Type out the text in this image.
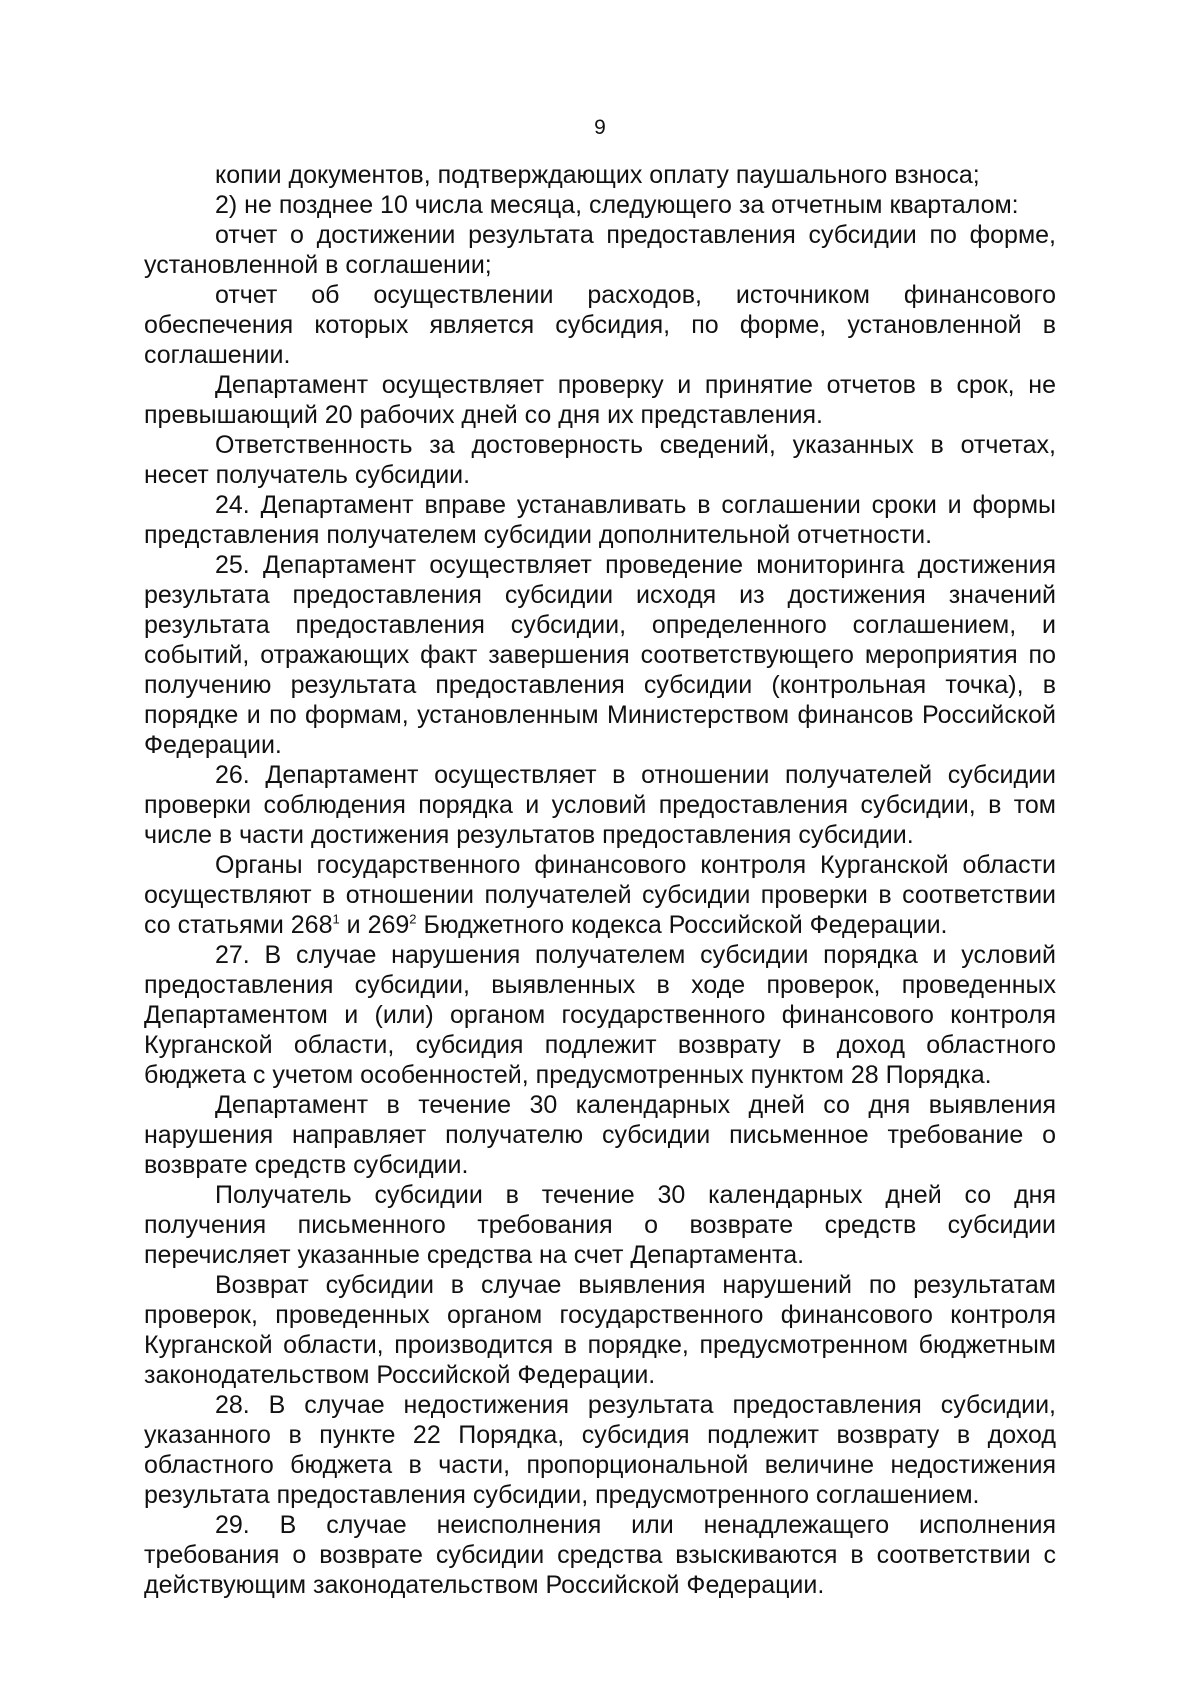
9

копии документов, подтверждающих оплату паушального взноса;

2) не позднее 10 числа месяца, следующего за отчетным кварталом:

отчет о достижении результата предоставления субсидии по форме, установленной в соглашении;

отчет об осуществлении расходов, источником финансового обеспечения которых является субсидия, по форме, установленной в соглашении.

Департамент осуществляет проверку и принятие отчетов в срок, не превышающий 20 рабочих дней со дня их представления.

Ответственность за достоверность сведений, указанных в отчетах, несет получатель субсидии.

24. Департамент вправе устанавливать в соглашении сроки и формы представления получателем субсидии дополнительной отчетности.

25. Департамент осуществляет проведение мониторинга достижения результата предоставления субсидии исходя из достижения значений результата предоставления субсидии, определенного соглашением, и событий, отражающих факт завершения соответствующего мероприятия по получению результата предоставления субсидии (контрольная точка), в порядке и по формам, установленным Министерством финансов Российской Федерации.

26. Департамент осуществляет в отношении получателей субсидии проверки соблюдения порядка и условий предоставления субсидии, в том числе в части достижения результатов предоставления субсидии.

Органы государственного финансового контроля Курганской области осуществляют в отношении получателей субсидии проверки в соответствии со статьями $268^1$ и $269^2$ Бюджетного кодекса Российской Федерации.

27. В случае нарушения получателем субсидии порядка и условий предоставления субсидии, выявленных в ходе проверок, проведенных Департаментом и (или) органом государственного финансового контроля Курганской области, субсидия подлежит возврату в доход областного бюджета с учетом особенностей, предусмотренных пунктом 28 Порядка.

Департамент в течение 30 календарных дней со дня выявления нарушения направляет получателю субсидии письменное требование о возврате средств субсидии.

Получатель субсидии в течение 30 календарных дней со дня получения письменного требования о возврате средств субсидии перечисляет указанные средства на счет Департамента.

Возврат субсидии в случае выявления нарушений по результатам проверок, проведенных органом государственного финансового контроля Курганской области, производится в порядке, предусмотренном бюджетным законодательством Российской Федерации.

28. В случае недостижения результата предоставления субсидии, указанного в пункте 22 Порядка, субсидия подлежит возврату в доход областного бюджета в части, пропорциональной величине недостижения результата предоставления субсидии, предусмотренного соглашением.

29. В случае неисполнения или ненадлежащего исполнения требования о возврате субсидии средства взыскиваются в соответствии с действующим законодательством Российской Федерации.
